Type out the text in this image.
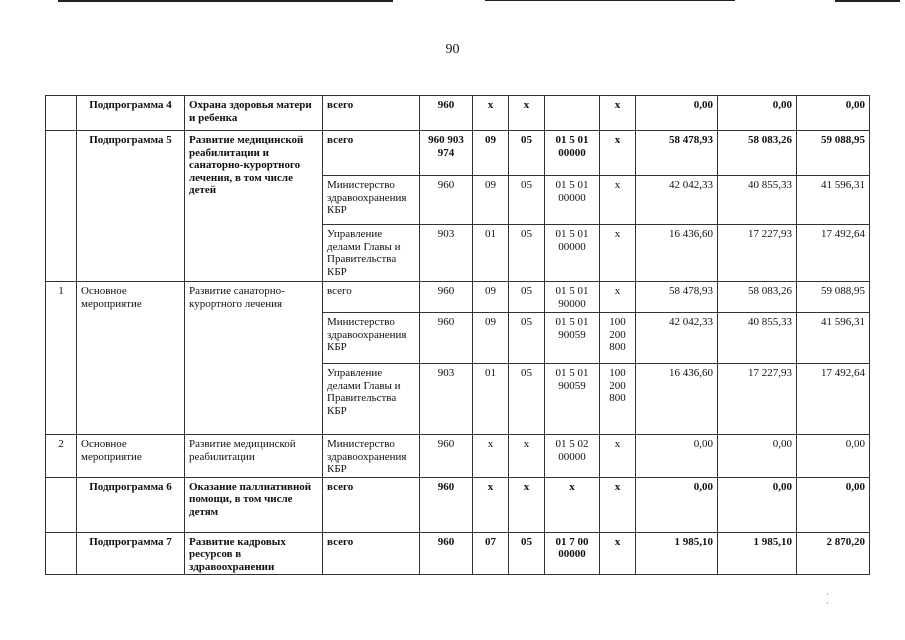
90
	Подпрограмма 4	Охрана здоровья матери и ребенка	всего	960	х	х		х	0,00	0,00	0,00
	Подпрограмма 5	Развитие медицинской реабилитации и санаторно-курортного лечения, в том числе детей	всего	960 903 974	09	05	01 5 01 00000	х	58 478,93	58 083,26	59 088,95
			Министерство здравоохранения КБР	960	09	05	01 5 01 00000	х	42 042,33	40 855,33	41 596,31
			Управление делами Главы и Правительства КБР	903	01	05	01 5 01 00000	х	16 436,60	17 227,93	17 492,64
1	Основное мероприятие	Развитие санаторно-курортного лечения	всего	960	09	05	01 5 01 90000	х	58 478,93	58 083,26	59 088,95
			Министерство здравоохранения КБР	960	09	05	01 5 01 90059	100 200 800	42 042,33	40 855,33	41 596,31
			Управление делами Главы и Правительства КБР	903	01	05	01 5 01 90059	100 200 800	16 436,60	17 227,93	17 492,64
2	Основное мероприятие	Развитие медицинской реабилитации	Министерство здравоохранения КБР	960	х	х	01 5 02 00000	х	0,00	0,00	0,00
	Подпрограмма 6	Оказание паллиативной помощи, в том числе детям	всего	960	х	х	х	х	0,00	0,00	0,00
	Подпрограмма 7	Развитие кадровых ресурсов в здравоохранении	всего	960	07	05	01 7 00 00000	х	1 985,10	1 985,10	2 870,20
· ·
